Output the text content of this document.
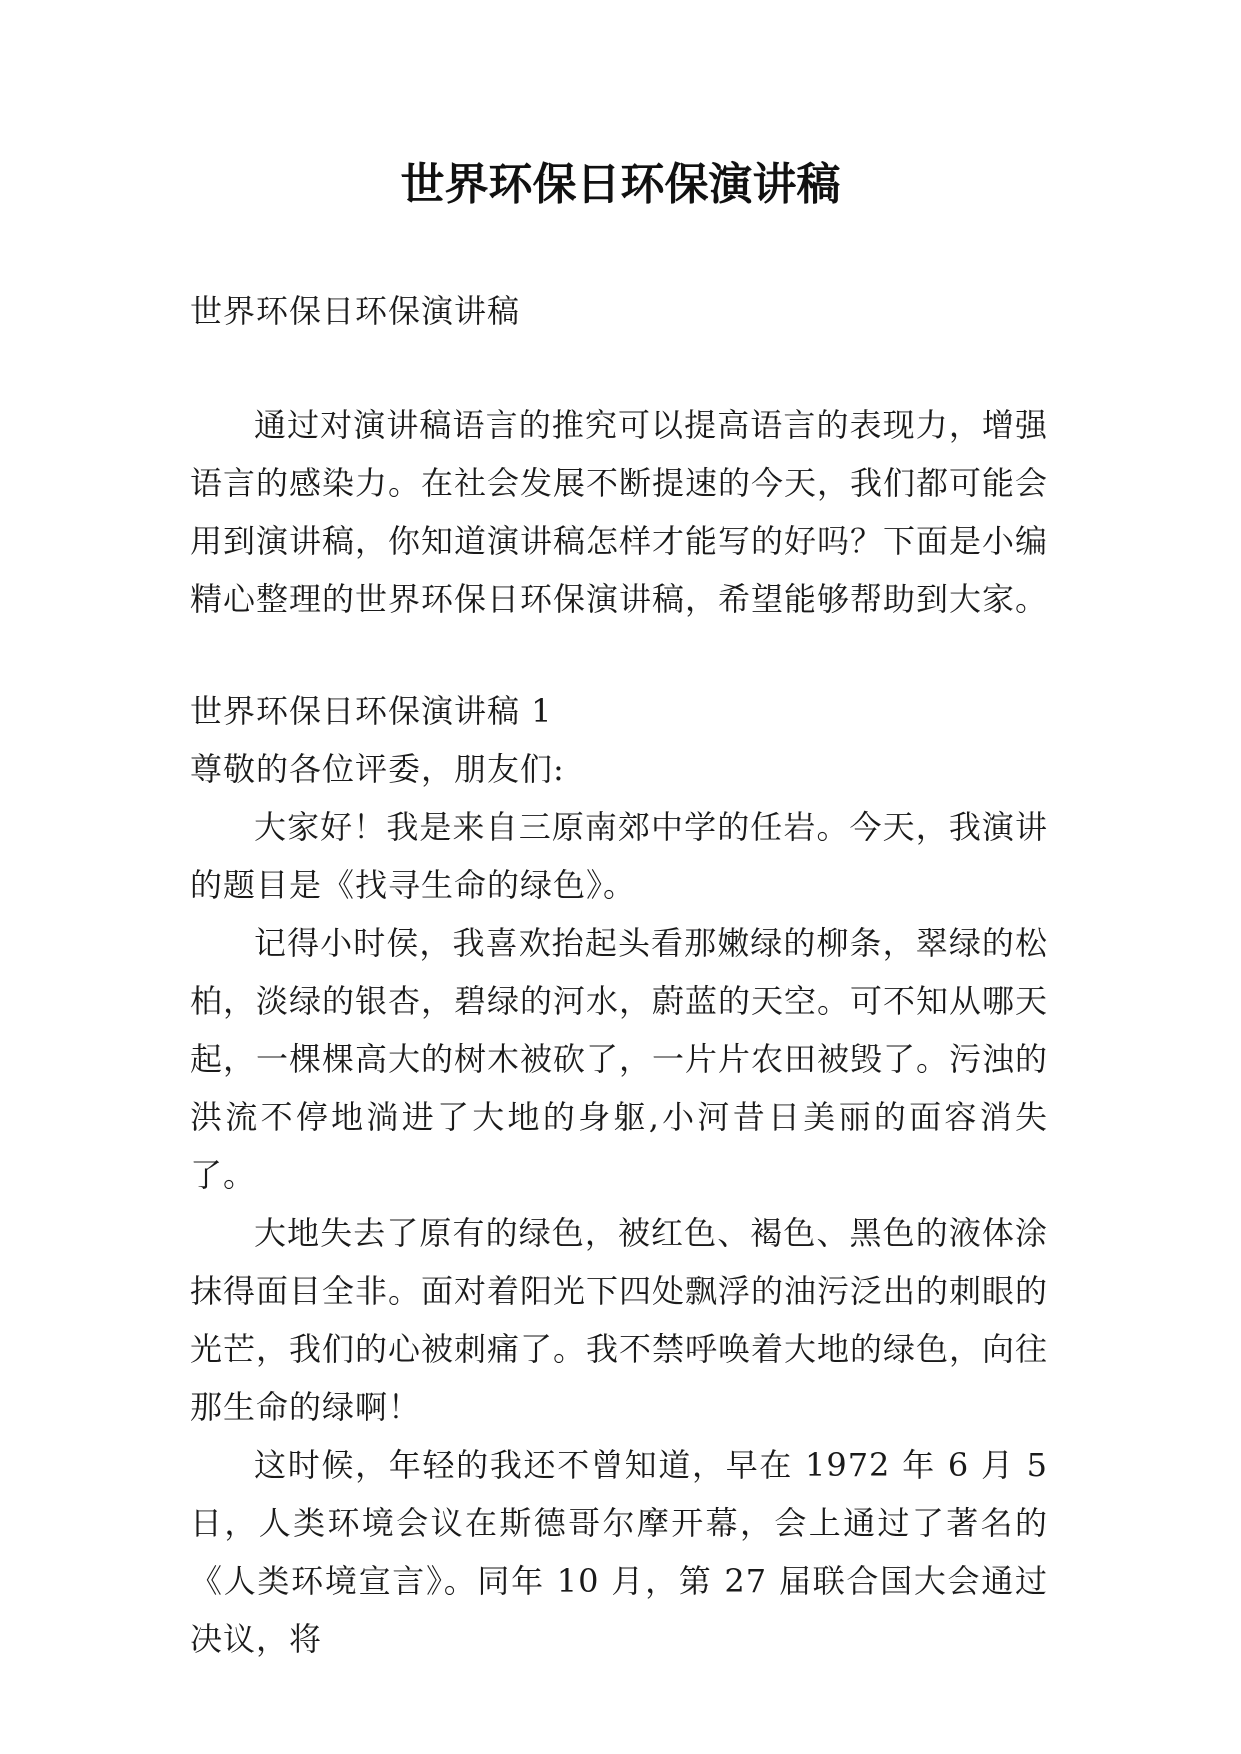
世界环保日环保演讲稿

世界环保日环保演讲稿

通过对演讲稿语言的推究可以提高语言的表现力，增强语言的感染力。在社会发展不断提速的今天，我们都可能会用到演讲稿，你知道演讲稿怎样才能写的好吗？下面是小编精心整理的世界环保日环保演讲稿，希望能够帮助到大家。

世界环保日环保演讲稿 1

尊敬的各位评委，朋友们:

大家好！我是来自三原南郊中学的任岩。今天，我演讲的题目是《找寻生命的绿色》。

记得小时侯，我喜欢抬起头看那嫩绿的柳条，翠绿的松柏，淡绿的银杏，碧绿的河水，蔚蓝的天空。可不知从哪天起，一棵棵高大的树木被砍了，一片片农田被毁了。污浊的洪流不停地淌进了大地的身躯,小河昔日美丽的面容消失了。

大地失去了原有的绿色，被红色、褐色、黑色的液体涂抹得面目全非。面对着阳光下四处飘浮的油污泛出的刺眼的光芒，我们的心被刺痛了。我不禁呼唤着大地的绿色，向往那生命的绿啊！

这时候，年轻的我还不曾知道，早在 1972 年 6 月 5 日，人类环境会议在斯德哥尔摩开幕，会上通过了著名的《人类环境宣言》。同年 10 月，第 27 届联合国大会通过决议，将
